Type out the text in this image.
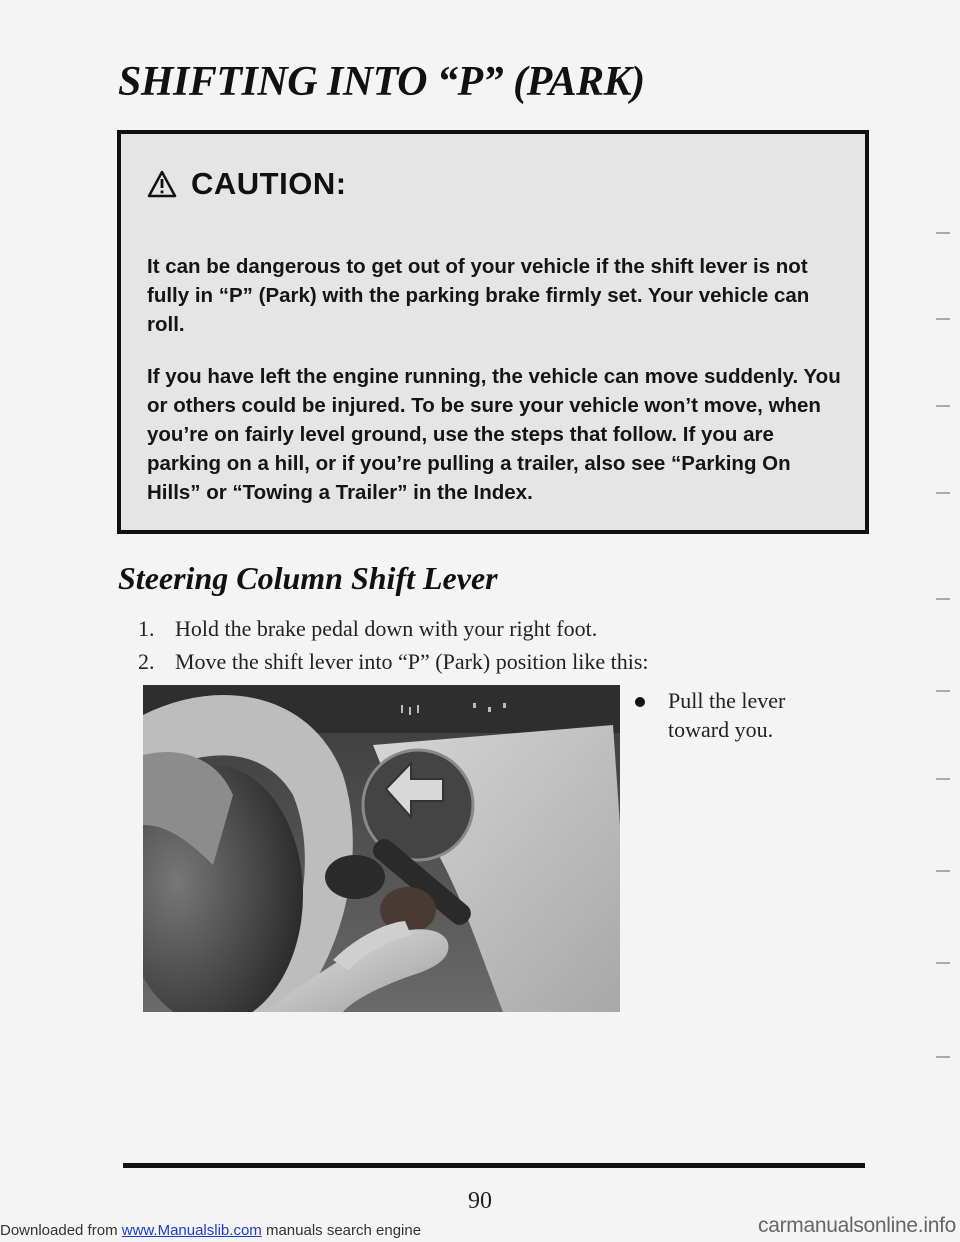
SHIFTING INTO “P” (PARK)
CAUTION:

It can be dangerous to get out of your vehicle if the shift lever is not fully in “P” (Park) with the parking brake firmly set. Your vehicle can roll.

If you have left the engine running, the vehicle can move suddenly. You or others could be injured. To be sure your vehicle won’t move, when you’re on fairly level ground, use the steps that follow. If you are parking on a hill, or if you’re pulling a trailer, also see “Parking On Hills” or “Towing a Trailer” in the Index.

Steering Column Shift Lever
1. Hold the brake pedal down with your right foot.
2. Move the shift lever into “P” (Park) position like this:
Pull the lever toward you.
90
Downloaded from www.Manualslib.com manuals search engine	carmanualsonline.info
